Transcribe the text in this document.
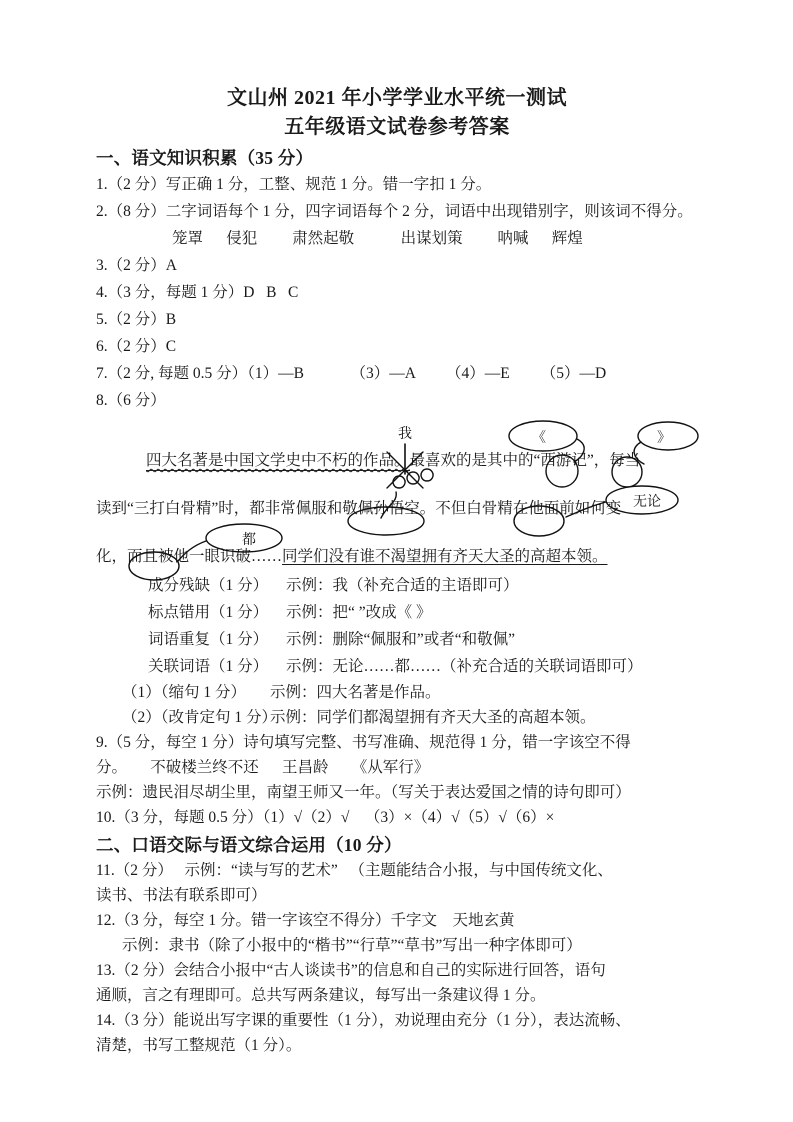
文山州 2021 年小学学业水平统一测试
五年级语文试卷参考答案
一、语文知识积累（35 分）
1.（2 分）写正确 1 分，工整、规范 1 分。错一字扣 1 分。
2.（8 分）二字词语每个 1 分，四字词语每个 2 分，词语中出现错别字，则该词不得分。
笼罩      侵犯         肃然起敬            出谋划策         呐喊      辉煌
3.（2 分）A
4.（3 分，每题 1 分）D   B   C
5.（2 分）B
6.（2 分）C
7.（2 分, 每题 0.5 分）（1）—B            （3）—A        （4）—E        （5）—D
8.（6 分）
四大名著是中国文学史中不朽的作品。最喜欢的是其中的“西游记”，每当
读到“三打白骨精”时，都非常佩服和敬佩孙悟空。不但白骨精在他面前如何变
化，而且被他一眼识破……同学们没有谁不渴望拥有齐天大圣的高超本领。
我	《	》
无论
都
成分残缺（1 分）	示例：我（补充合适的主语即可）
标点错用（1 分）	示例：把“ ”改成《 》
词语重复（1 分）	示例：删除“佩服和”或者“和敬佩”
关联词语（1 分）	示例：无论……都……（补充合适的关联词语即可）
（1）（缩句 1 分）	示例：四大名著是作品。
（2）（改肯定句 1 分）
示例：同学们都渴望拥有齐天大圣的高超本领。
9.（5 分，每空 1 分）诗句填写完整、书写准确、规范得 1 分，错一字该空不得
分。      不破楼兰终不还      王昌龄      《从军行》
示例：遗民泪尽胡尘里，南望王师又一年。（写关于表达爱国之情的诗句即可）
10.（3 分，每题 0.5 分）（1）√（2）√    （3）×（4）√（5）√（6）×
二、口语交际与语文综合运用（10 分）
11.（2 分）   示例：“读与写的艺术”   （主题能结合小报，与中国传统文化、
读书、书法有联系即可）
12.（3 分，每空 1 分。错一字该空不得分）千字文    天地玄黄
示例：隶书（除了小报中的“楷书”“行草”“草书”写出一种字体即可）
13.（2 分）会结合小报中“古人谈读书”的信息和自己的实际进行回答，语句
通顺，言之有理即可。总共写两条建议，每写出一条建议得 1 分。
14.（3 分）能说出写字课的重要性（1 分），劝说理由充分（1 分），表达流畅、
清楚，书写工整规范（1 分）。
